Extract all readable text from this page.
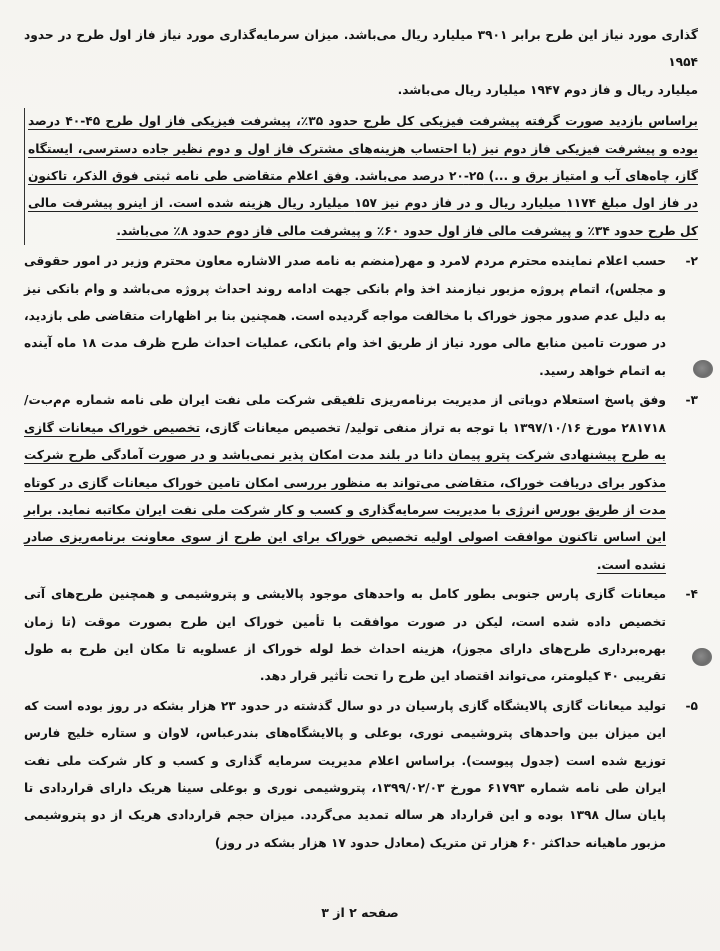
گذاری مورد نیاز این طرح برابر ۳۹۰۱ میلیارد ریال می‌باشد. میزان سرمایه‌گذاری مورد نیاز فاز اول طرح در حدود ۱۹۵۴

میلیارد ریال و فاز دوم ۱۹۴۷ میلیارد ریال می‌باشد.

براساس بازدید صورت گرفته پیشرفت فیزیکی کل طرح حدود ۳۵٪، پیشرفت فیزیکی فاز اول طرح ۴۵-۴۰ درصد بوده و پیشرفت فیزیکی فاز دوم نیز (با احتساب هزینه‌های مشترک فاز اول و دوم نظیر جاده دسترسی، ایستگاه گاز، چاه‌های آب و امتیاز برق و ...) ۲۵-۲۰ درصد می‌باشد. وفق اعلام متقاضی طی نامه ثبتی فوق الذکر، تاکنون در فاز اول مبلغ ۱۱۷۴ میلیارد ریال و در فاز دوم نیز ۱۵۷ میلیارد ریال هزینه شده است. از اینرو پیشرفت مالی کل طرح حدود ۳۴٪ و پیشرفت مالی فاز اول حدود ۶۰٪ و پیشرفت مالی فاز دوم حدود ۸٪ می‌باشد.

۲-

حسب اعلام نماینده محترم مردم لامرد و مهر(منضم به نامه صدر الاشاره معاون محترم وزیر در امور حقوقی و مجلس)، اتمام پروژه مزبور نیازمند اخذ وام بانکی جهت ادامه روند احداث پروژه می‌باشد و وام بانکی نیز به دلیل عدم صدور مجوز خوراک با مخالفت مواجه گردیده است. همچنین بنا بر اظهارات متقاضی طی بازدید، در صورت تامین منابع مالی مورد نیاز از طریق اخذ وام بانکی، عملیات احداث طرح ظرف مدت ۱۸ ماه آینده به اتمام خواهد رسید.

۳-

وفق پاسخ استعلام دوباتی از مدیریت برنامه‌ریزی تلفیقی شرکت ملی نفت ایران طی نامه شماره م‌م‌ب‌ت/۲۸۱۷۱۸ مورخ ۱۳۹۷/۱۰/۱۶ با توجه به تراز منفی تولید/ تخصیص میعانات گازی، تخصیص خوراک میعانات گازی به طرح پیشنهادی شرکت پترو پیمان دانا در بلند مدت امکان پذیر نمی‌باشد و در صورت آمادگی طرح شرکت مذکور برای دریافت خوراک، متقاضی می‌تواند به منظور بررسی امکان تامین خوراک میعانات گازی در کوتاه مدت از طریق بورس انرژی با مدیریت سرمایه‌گذاری و کسب و کار شرکت ملی نفت ایران مکاتبه نماید. برابر این اساس تاکنون موافقت اصولی اولیه تخصیص خوراک برای این طرح از سوی معاونت برنامه‌ریزی صادر نشده است.

۴-

میعانات گازی پارس جنوبی بطور کامل به واحدهای موجود پالایشی و پتروشیمی و همچنین طرح‌های آتی تخصیص داده شده است، لیکن در صورت موافقت با تأمین خوراک این طرح بصورت موقت (تا زمان بهره‌برداری طرح‌های دارای مجوز)، هزینه احداث خط لوله خوراک از عسلویه تا مکان این طرح به طول تقریبی ۴۰ کیلومتر، می‌تواند اقتصاد این طرح را تحت تأثیر قرار دهد.

۵-

تولید میعانات گازی پالایشگاه گازی پارسیان در دو سال گذشته در حدود ۲۳ هزار بشکه در روز بوده است که این میزان بین واحدهای پتروشیمی نوری، بوعلی و پالایشگاه‌های بندرعباس، لاوان و ستاره خلیج فارس توزیع شده است (جدول پیوست). براساس اعلام مدیریت سرمایه گذاری و کسب و کار شرکت ملی نفت ایران طی نامه شماره ۶۱۷۹۳ مورخ ۱۳۹۹/۰۲/۰۳، پتروشیمی نوری و بوعلی سینا هریک دارای قراردادی تا پایان سال ۱۳۹۸ بوده و این قرارداد هر ساله تمدید می‌گردد. میزان حجم قراردادی هریک از دو پتروشیمی مزبور ماهیانه حداکثر ۶۰ هزار تن متریک (معادل حدود ۱۷ هزار بشکه در روز)

صفحه ۲ از ۳
